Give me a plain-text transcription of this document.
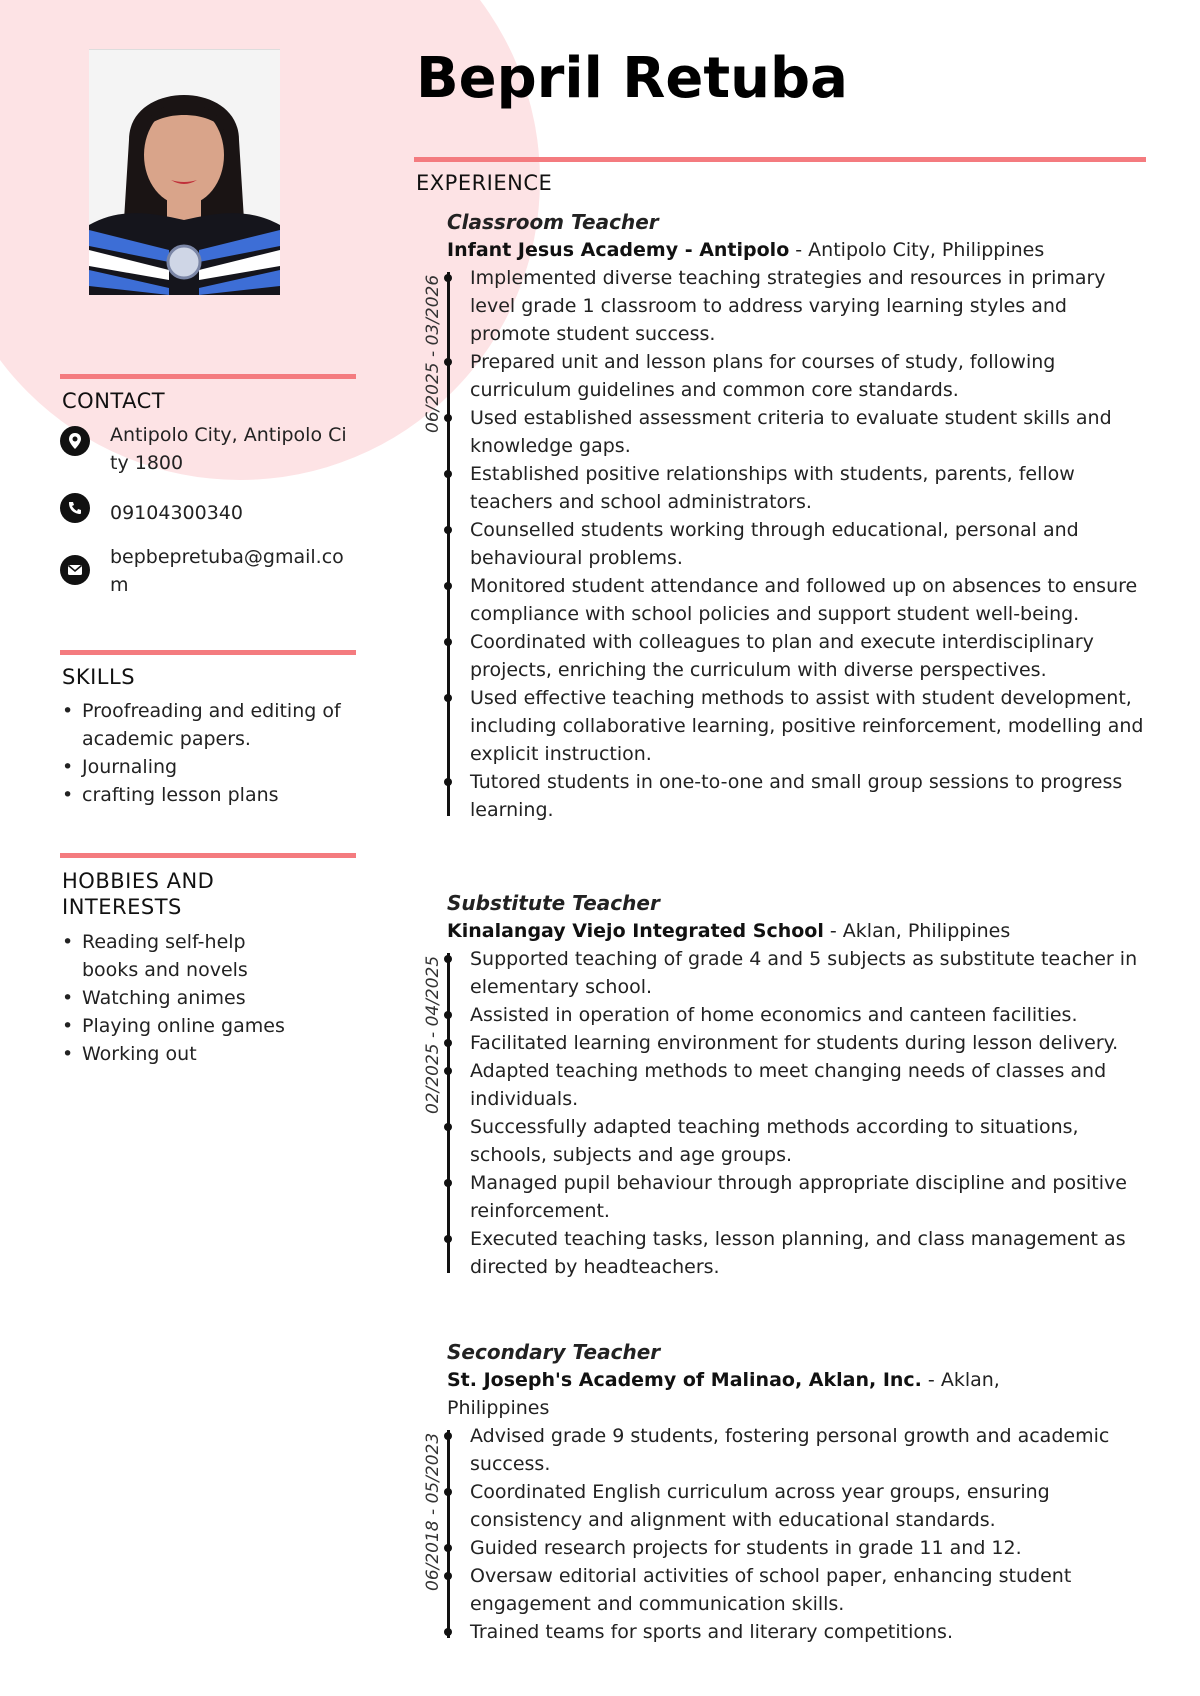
CONTACT
Antipolo City, Antipolo City 1800
09104300340
bepbepretuba@gmail.com
SKILLS
• Proofreading and editing of academic papers.
• Journaling
• crafting lesson plans
HOBBIES AND INTERESTS
• Reading self-help books and novels
• Watching animes
• Playing online games
• Working out
Bepril Retuba
EXPERIENCE
Classroom Teacher
Infant Jesus Academy - Antipolo - Antipolo City, Philippines
06/2025 - 03/2026 Implemented diverse teaching strategies and resources in primary level grade 1 classroom to address varying learning styles and promote student success.
Prepared unit and lesson plans for courses of study, following curriculum guidelines and common core standards.
Used established assessment criteria to evaluate student skills and knowledge gaps.
Established positive relationships with students, parents, fellow teachers and school administrators.
Counselled students working through educational, personal and behavioural problems.
Monitored student attendance and followed up on absences to ensure compliance with school policies and support student well-being.
Coordinated with colleagues to plan and execute interdisciplinary projects, enriching the curriculum with diverse perspectives.
Used effective teaching methods to assist with student development, including collaborative learning, positive reinforcement, modelling and explicit instruction.
Tutored students in one-to-one and small group sessions to progress learning.
Substitute Teacher
Kinalangay Viejo Integrated School - Aklan, Philippines
02/2025 - 04/2025 Supported teaching of grade 4 and 5 subjects as substitute teacher in elementary school.
Assisted in operation of home economics and canteen facilities.
Facilitated learning environment for students during lesson delivery.
Adapted teaching methods to meet changing needs of classes and individuals.
Successfully adapted teaching methods according to situations, schools, subjects and age groups.
Managed pupil behaviour through appropriate discipline and positive reinforcement.
Executed teaching tasks, lesson planning, and class management as directed by headteachers.
Secondary Teacher
St. Joseph's Academy of Malinao, Aklan, Inc. - Aklan, Philippines
06/2018 - 05/2023 Advised grade 9 students, fostering personal growth and academic success.
Coordinated English curriculum across year groups, ensuring consistency and alignment with educational standards.
Guided research projects for students in grade 11 and 12.
Oversaw editorial activities of school paper, enhancing student engagement and communication skills.
Trained teams for sports and literary competitions.
